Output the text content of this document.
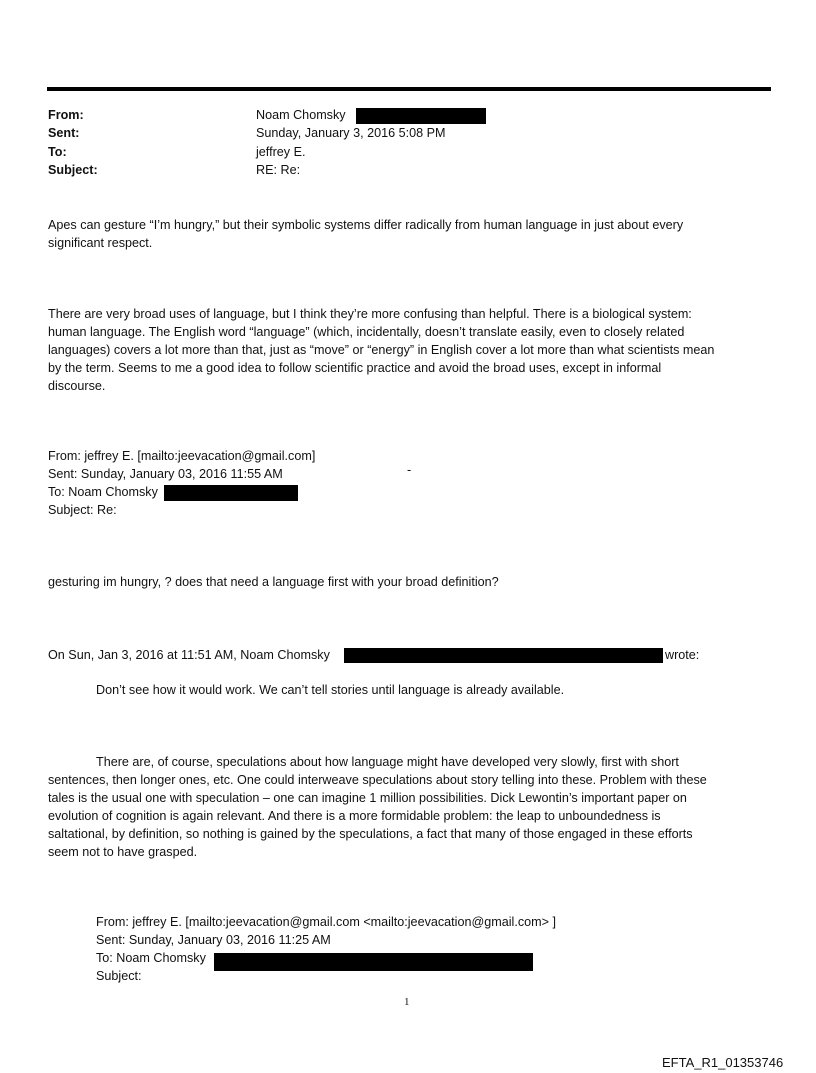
From:
Sent:
To:
Subject:
Noam Chomsky
Sunday, January 3, 2016 5:08 PM
jeffrey E.
RE: Re:

Apes can gesture “I’m hungry,” but their symbolic systems differ radically from human language in just about every

significant respect.

There are very broad uses of language, but I think they’re more confusing than helpful. There is a biological system:

human language. The English word “language” (which, incidentally, doesn’t translate easily, even to closely related

languages) covers a lot more than that, just as “move” or “energy” in English cover a lot more than what scientists mean

by the term. Seems to me a good idea to follow scientific practice and avoid the broad uses, except in informal

discourse.

From: jeffrey E. [mailto:jeevacation@gmail.com]
Sent: Sunday, January 03, 2016 11:55 AM	-
To: Noam Chomsky
Subject: Re:
gesturing im hungry, ? does that need a language first with your broad definition?
On Sun, Jan 3, 2016 at 11:51 AM, Noam Chomsky	wrote:
Don’t see how it would work. We can’t tell stories until language is already available.

There are, of course, speculations about how language might have developed very slowly, first with short

sentences, then longer ones, etc. One could interweave speculations about story telling into these. Problem with these

tales is the usual one with speculation – one can imagine 1 million possibilities. Dick Lewontin’s important paper on

evolution of cognition is again relevant. And there is a more formidable problem: the leap to unboundedness is

saltational, by definition, so nothing is gained by the speculations, a fact that many of those engaged in these efforts

seem not to have grasped.

From: jeffrey E. [mailto:jeevacation@gmail.com <mailto:jeevacation@gmail.com> ]
Sent: Sunday, January 03, 2016 11:25 AM
To: Noam Chomsky
Subject:
1
EFTA_R1_01353746
